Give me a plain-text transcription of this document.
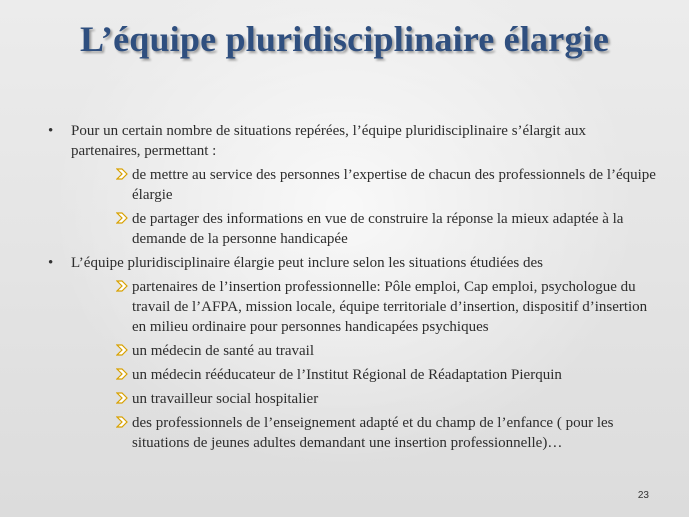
L’équipe pluridisciplinaire élargie

• Pour un certain nombre de situations repérées, l’équipe pluridisciplinaire s’élargit aux partenaires, permettant :

de mettre au service des personnes l’expertise de chacun des professionnels de l’équipe élargie

de partager des informations en vue de construire la réponse la mieux adaptée à la demande de la personne handicapée

• L’équipe pluridisciplinaire élargie peut inclure selon les situations étudiées des

partenaires de l’insertion professionnelle: Pôle emploi, Cap emploi, psychologue du travail de l’AFPA, mission locale, équipe territoriale d’insertion, dispositif d’insertion en milieu ordinaire pour personnes handicapées psychiques

un médecin de santé au travail

un médecin rééducateur de l’Institut Régional de Réadaptation Pierquin

un travailleur social hospitalier

des professionnels de l’enseignement adapté et du champ de l’enfance ( pour les situations de jeunes adultes demandant une insertion professionnelle)…

23
